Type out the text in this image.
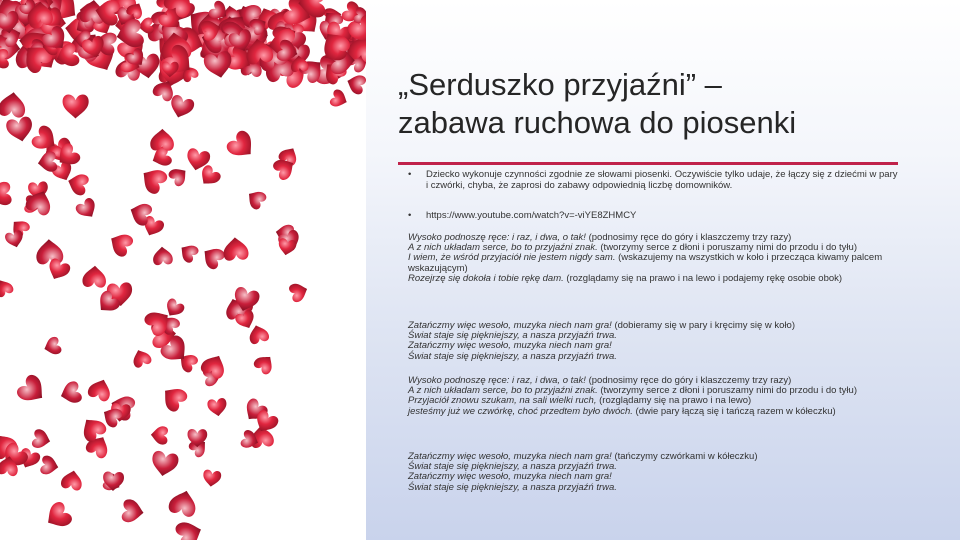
„Serduszko przyjaźni” –
zabawa ruchowa do piosenki
• Dziecko wykonuje czynności zgodnie ze słowami piosenki. Oczywiście tylko udaje, że łączy się z dziećmi w pary i czwórki, chyba, że zaprosi do zabawy odpowiednią liczbę domowników.
• https://www.youtube.com/watch?v=-viYE8ZHMCY
Wysoko podnoszę ręce: i raz, i dwa, o tak! (podnosimy ręce do góry i klaszczemy trzy razy)
A z nich układam serce, bo to przyjaźni znak. (tworzymy serce z dłoni i poruszamy nimi do przodu i do tyłu)
I wiem, że wśród przyjaciół nie jestem nigdy sam. (wskazujemy na wszystkich w koło i przecząca kiwamy palcem wskazującym)
Rozejrzę się dokoła i tobie rękę dam. (rozglądamy się na prawo i na lewo i podajemy rękę osobie obok)
Zatańczmy więc wesoło, muzyka niech nam gra! (dobieramy się w pary i kręcimy się w koło)
Świat staje się piękniejszy, a nasza przyjaźń trwa.
Zatańczmy więc wesoło, muzyka niech nam gra!
Świat staje się piękniejszy, a nasza przyjaźń trwa.
Wysoko podnoszę ręce: i raz, i dwa, o tak! (podnosimy ręce do góry i klaszczemy trzy razy)
A z nich układam serce, bo to przyjaźni znak. (tworzymy serce z dłoni i poruszamy nimi do przodu i do tyłu)
Przyjaciół znowu szukam, na sali wielki ruch, (rozglądamy się na prawo i na lewo)
jesteśmy już we czwórkę, choć przedtem było dwóch. (dwie pary łączą się i tańczą razem w kółeczku)
Zatańczmy więc wesoło, muzyka niech nam gra! (tańczymy czwórkami w kółeczku)
Świat staje się piękniejszy, a nasza przyjaźń trwa.
Zatańczmy więc wesoło, muzyka niech nam gra!
Świat staje się piękniejszy, a nasza przyjaźń trwa.
